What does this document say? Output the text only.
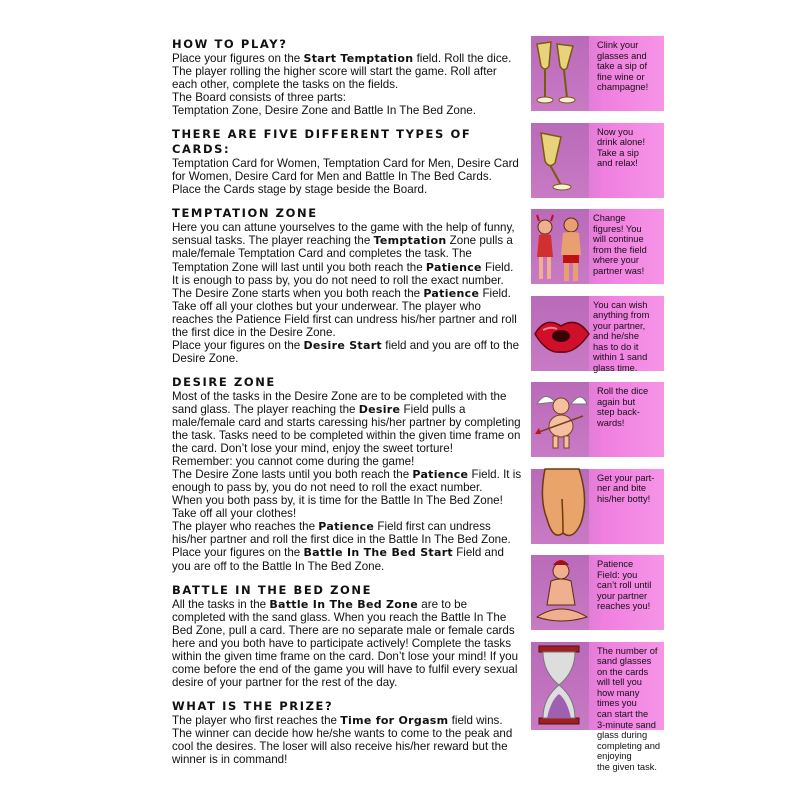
HOW TO PLAY?
Place your figures on the Start Temptation field. Roll the dice. The player rolling the higher score will start the game. Roll after each other, complete the tasks on the fields.
The Board consists of three parts:
Temptation Zone, Desire Zone and Battle In The Bed Zone.
THERE ARE FIVE DIFFERENT TYPES OF CARDS:
Temptation Card for Women, Temptation Card for Men, Desire Card for Women, Desire Card for Men and Battle In The Bed Cards.
Place the Cards stage by stage beside the Board.
TEMPTATION ZONE
Here you can attune yourselves to the game with the help of funny, sensual tasks. The player reaching the Temptation Zone pulls a male/female Temptation Card and completes the task. The Temptation Zone will last until you both reach the Patience Field. It is enough to pass by, you do not need to roll the exact number.
The Desire Zone starts when you both reach the Patience Field. Take off all your clothes but your underwear. The player who reaches the Patience Field first can undress his/her partner and roll the first dice in the Desire Zone.
Place your figures on the Desire Start field and you are off to the Desire Zone.
DESIRE ZONE
Most of the tasks in the Desire Zone are to be completed with the sand glass. The player reaching the Desire Field pulls a male/female card and starts caressing his/her partner by completing the task. Tasks need to be completed within the given time frame on the card. Don’t lose your mind, enjoy the sweet torture!
Remember: you cannot come during the game!
The Desire Zone lasts until you both reach the Patience Field. It is enough to pass by, you do not need to roll the exact number.
When you both pass by, it is time for the Battle In The Bed Zone! Take off all your clothes!
The player who reaches the Patience Field first can undress his/her partner and roll the first dice in the Battle In The Bed Zone.
Place your figures on the Battle In The Bed Start Field and you are off to the Battle In The Bed Zone.
BATTLE IN THE BED ZONE
All the tasks in the Battle In The Bed Zone are to be completed with the sand glass. When you reach the Battle In The Bed Zone, pull a card. There are no separate male or female cards here and you both have to participate actively! Complete the tasks within the given time frame on the card. Don’t lose your mind! If you come before the end of the game you will have to fulfil every sexual desire of your partner for the rest of the day.
WHAT IS THE PRIZE?
The player who first reaches the Time for Orgasm field wins. The winner can decide how he/she wants to come to the peak and cool the desires. The loser will also receive his/her reward but the winner is in command!
Clink your
glasses and
take a sip of
fine wine or
champagne!
Now you
drink alone!
Take a sip
and relax!
Change
figures! You
will continue
from the field
where your
partner was!
You can wish
anything from
your partner,
and he/she
has to do it
within 1 sand
glass time.
Roll the dice
again but
step back-
wards!
Get your part-
ner and bite
his/her botty!
Patience
Field: you
can’t roll until
your partner
reaches you!
The number of
sand glasses
on the cards
will tell you
how many
times you
can start the
3-minute sand glass during
completing and enjoying
the given task.
